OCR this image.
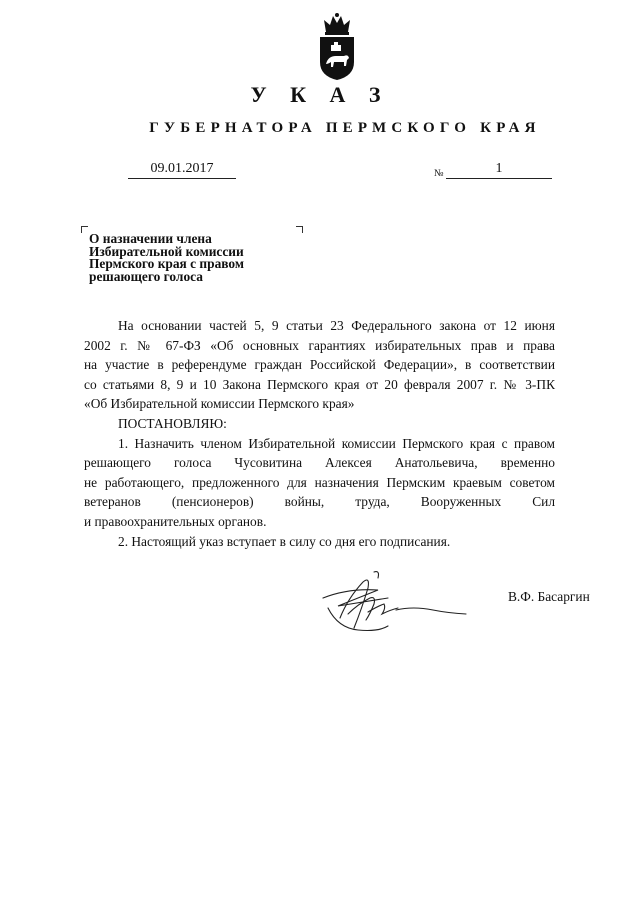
У К А З
ГУБЕРНАТОРА ПЕРМСКОГО КРАЯ
09.01.2017	№	1
О назначении члена
Избирательной комиссии
Пермского края с правом
решающего голоса

На основании частей 5, 9 статьи 23 Федерального закона от 12 июня

2002 г. № 67-ФЗ «Об основных гарантиях избирательных прав и права

на участие в референдуме граждан Российской Федерации», в соответствии

со статьями 8, 9 и 10 Закона Пермского края от 20 февраля 2007 г. № 3-ПК

«Об Избирательной комиссии Пермского края»

ПОСТАНОВЛЯЮ:

1. Назначить членом Избирательной комиссии Пермского края с правом

решающего голоса Чусовитина Алексея Анатольевича, временно

не работающего, предложенного для назначения Пермским краевым советом

ветеранов (пенсионеров) войны, труда, Вооруженных Сил

и правоохранительных органов.

2. Настоящий указ вступает в силу со дня его подписания.

В.Ф. Басаргин
